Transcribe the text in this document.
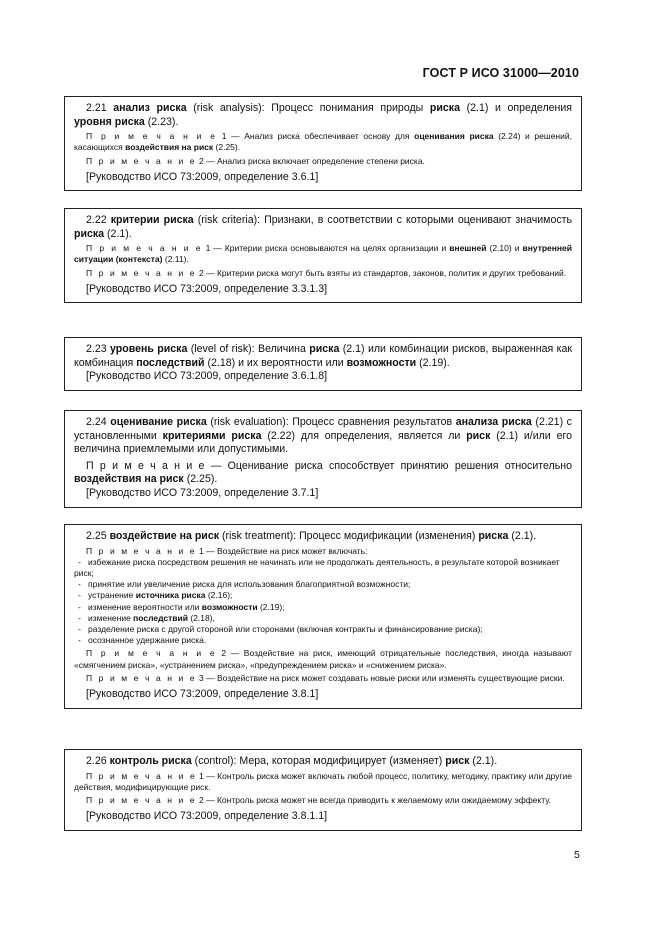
ГОСТ Р ИСО 31000—2010

2.21 анализ риска (risk analysis): Процесс понимания природы риска (2.1) и определения уровня риска (2.23).

П р и м е ч а н и е 1 — Анализ риска обеспечивает основу для оценивания риска (2.24) и решений, касающихся воздействия на риск (2.25).

П р и м е ч а н и е 2 — Анализ риска включает определение степени риска.

[Руководство ИСО 73:2009, определение 3.6.1]

2.22 критерии риска (risk criteria): Признаки, в соответствии с которыми оценивают значимость риска (2.1).

П р и м е ч а н и е 1 — Критерии риска основываются на целях организации и внешней (2.10) и внутренней ситуации (контекста) (2.11).

П р и м е ч а н и е 2 — Критерии риска могут быть взяты из стандартов, законов, политик и других требований.

[Руководство ИСО 73:2009, определение 3.3.1.3]

2.23 уровень риска (level of risk): Величина риска (2.1) или комбинации рисков, выраженная как комбинация последствий (2.18) и их вероятности или возможности (2.19).

[Руководство ИСО 73:2009, определение 3.6.1.8]

2.24 оценивание риска (risk evaluation): Процесс сравнения результатов анализа риска (2.21) с установленными критериями риска (2.22) для определения, является ли риск (2.1) и/или его величина приемлемыми или допустимыми.

П р и м е ч а н и е — Оценивание риска способствует принятию решения относительно воздействия на риск (2.25).

[Руководство ИСО 73:2009, определение 3.7.1]

2.25 воздействие на риск (risk treatment): Процесс модификации (изменения) риска (2.1).

П р и м е ч а н и е 1 — Воздействие на риск может включать:

- избежание риска посредством решения не начинать или не продолжать деятельность, в результате которой возникает риск;

- принятие или увеличение риска для использования благоприятной возможности;

- устранение источника риска (2.16);

- изменение вероятности или возможности (2.19);

- изменение последствий (2.18),

- разделение риска с другой стороной или сторонами (включая контракты и финансирование риска);

- осознанное удержание риска.

П р и м е ч а н и е 2 — Воздействие на риск, имеющий отрицательные последствия, иногда называют «смягчением риска», «устранением риска», «предупреждением риска» и «снижением риска».

П р и м е ч а н и е 3 — Воздействие на риск может создавать новые риски или изменять существующие риски.

[Руководство ИСО 73:2009, определение 3.8.1]

2.26 контроль риска (control): Мера, которая модифицирует (изменяет) риск (2.1).

П р и м е ч а н и е 1 — Контроль риска может включать любой процесс, политику, методику, практику или другие действия, модифицирующие риск.

П р и м е ч а н и е 2 — Контроль риска может не всегда приводить к желаемому или ожидаемому эффекту.

[Руководство ИСО 73:2009, определение 3.8.1.1]

5
